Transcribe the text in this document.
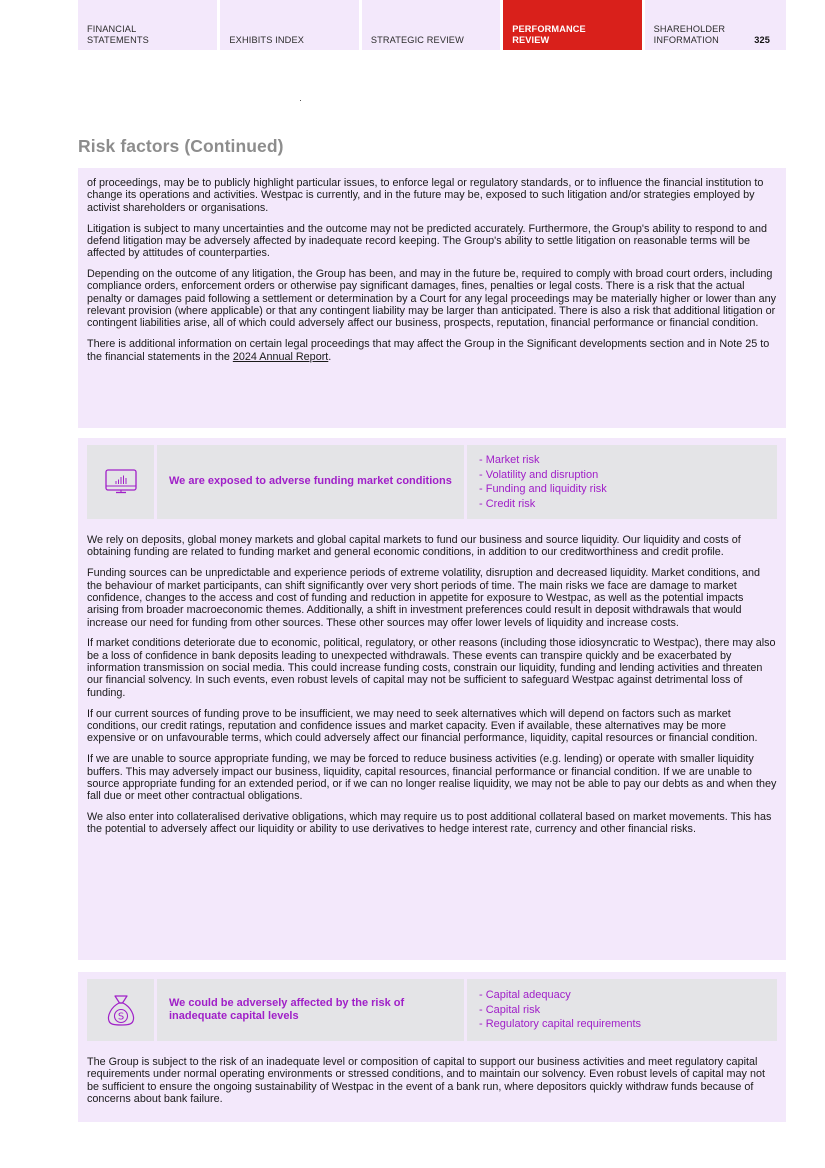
FINANCIAL
STATEMENTS	EXHIBITS INDEX	STRATEGIC REVIEW
PERFORMANCE
REVIEW
SHAREHOLDER
INFORMATION	325
Risk factors (Continued)

of proceedings, may be to publicly highlight particular issues, to enforce legal or regulatory standards, or to influence the financial institution to change its operations and activities. Westpac is currently, and in the future may be, exposed to such litigation and/or strategies employed by activist shareholders or organisations.

Litigation is subject to many uncertainties and the outcome may not be predicted accurately. Furthermore, the Group's ability to respond to and defend litigation may be adversely affected by inadequate record keeping. The Group's ability to settle litigation on reasonable terms will be affected by attitudes of counterparties.

Depending on the outcome of any litigation, the Group has been, and may in the future be, required to comply with broad court orders, including compliance orders, enforcement orders or otherwise pay significant damages, fines, penalties or legal costs. There is a risk that the actual penalty or damages paid following a settlement or determination by a Court for any legal proceedings may be materially higher or lower than any relevant provision (where applicable) or that any contingent liability may be larger than anticipated. There is also a risk that additional litigation or contingent liabilities arise, all of which could adversely affect our business, prospects, reputation, financial performance or financial condition.

There is additional information on certain legal proceedings that may affect the Group in the Significant developments section and in Note 25 to the financial statements in the 2024 Annual Report.

We are exposed to adverse funding market conditions
- Market risk
- Volatility and disruption
- Funding and liquidity risk
- Credit risk

We rely on deposits, global money markets and global capital markets to fund our business and source liquidity. Our liquidity and costs of obtaining funding are related to funding market and general economic conditions, in addition to our creditworthiness and credit profile.

Funding sources can be unpredictable and experience periods of extreme volatility, disruption and decreased liquidity. Market conditions, and the behaviour of market participants, can shift significantly over very short periods of time. The main risks we face are damage to market confidence, changes to the access and cost of funding and reduction in appetite for exposure to Westpac, as well as the potential impacts arising from broader macroeconomic themes. Additionally, a shift in investment preferences could result in deposit withdrawals that would increase our need for funding from other sources. These other sources may offer lower levels of liquidity and increase costs.

If market conditions deteriorate due to economic, political, regulatory, or other reasons (including those idiosyncratic to Westpac), there may also be a loss of confidence in bank deposits leading to unexpected withdrawals. These events can transpire quickly and be exacerbated by information transmission on social media. This could increase funding costs, constrain our liquidity, funding and lending activities and threaten our financial solvency. In such events, even robust levels of capital may not be sufficient to safeguard Westpac against detrimental loss of funding.

If our current sources of funding prove to be insufficient, we may need to seek alternatives which will depend on factors such as market conditions, our credit ratings, reputation and confidence issues and market capacity. Even if available, these alternatives may be more expensive or on unfavourable terms, which could adversely affect our financial performance, liquidity, capital resources or financial condition.

If we are unable to source appropriate funding, we may be forced to reduce business activities (e.g. lending) or operate with smaller liquidity buffers. This may adversely impact our business, liquidity, capital resources, financial performance or financial condition. If we are unable to source appropriate funding for an extended period, or if we can no longer realise liquidity, we may not be able to pay our debts as and when they fall due or meet other contractual obligations.

We also enter into collateralised derivative obligations, which may require us to post additional collateral based on market movements. This has the potential to adversely affect our liquidity or ability to use derivatives to hedge interest rate, currency and other financial risks.

S
We could be adversely affected by the risk of inadequate capital levels
- Capital adequacy
- Capital risk
- Regulatory capital requirements

The Group is subject to the risk of an inadequate level or composition of capital to support our business activities and meet regulatory capital requirements under normal operating environments or stressed conditions, and to maintain our solvency. Even robust levels of capital may not be sufficient to ensure the ongoing sustainability of Westpac in the event of a bank run, where depositors quickly withdraw funds because of concerns about bank failure.
